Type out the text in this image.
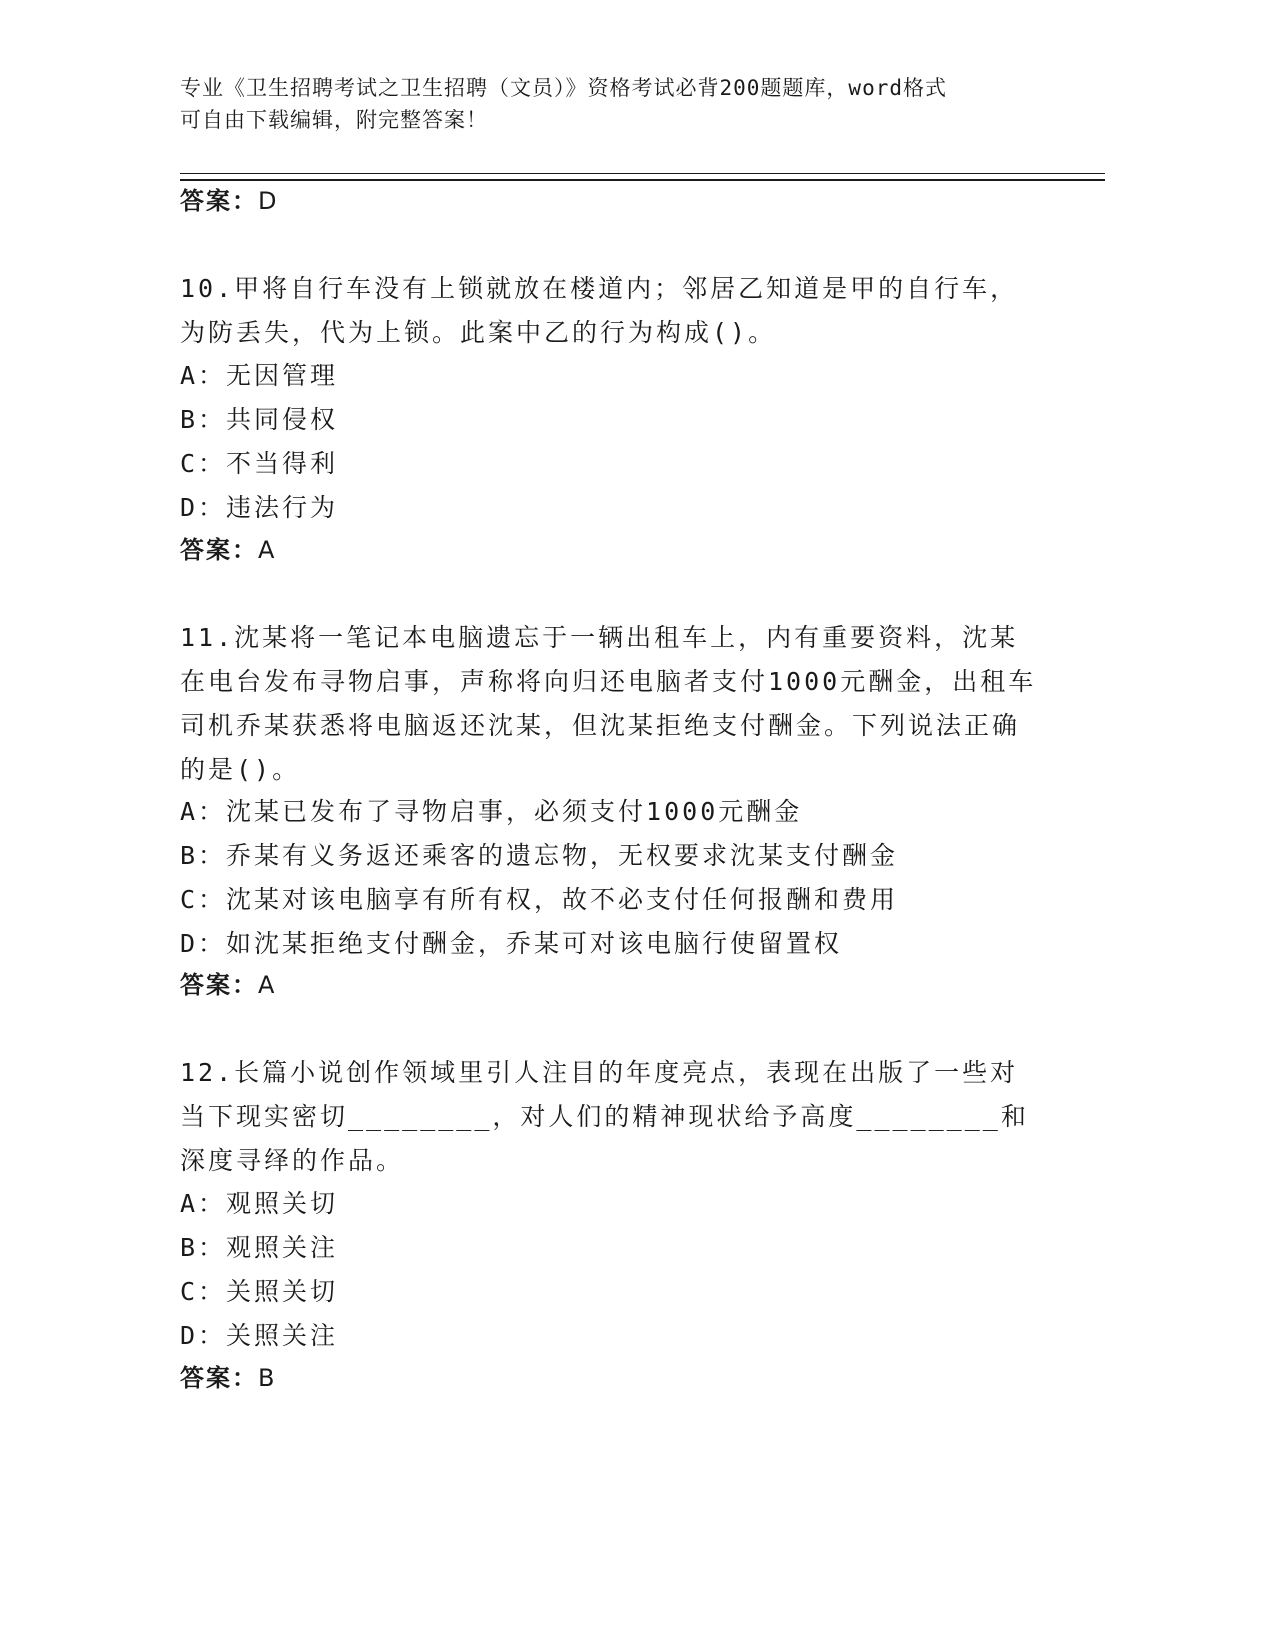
专业《卫生招聘考试之卫生招聘（文员）》资格考试必背200题题库，word格式
可自由下载编辑，附完整答案！
答案：D
10.甲将自行车没有上锁就放在楼道内；邻居乙知道是甲的自行车，为防丢失，代为上锁。此案中乙的行为构成()。
A：无因管理
B：共同侵权
C：不当得利
D：违法行为
答案：A
11.沈某将一笔记本电脑遗忘于一辆出租车上，内有重要资料，沈某在电台发布寻物启事，声称将向归还电脑者支付1000元酬金，出租车司机乔某获悉将电脑返还沈某，但沈某拒绝支付酬金。下列说法正确的是()。
A：沈某已发布了寻物启事，必须支付1000元酬金
B：乔某有义务返还乘客的遗忘物，无权要求沈某支付酬金
C：沈某对该电脑享有所有权，故不必支付任何报酬和费用
D：如沈某拒绝支付酬金，乔某可对该电脑行使留置权
答案：A
12.长篇小说创作领域里引人注目的年度亮点，表现在出版了一些对当下现实密切________，对人们的精神现状给予高度________和深度寻绎的作品。
A：观照关切
B：观照关注
C：关照关切
D：关照关注
答案：B
